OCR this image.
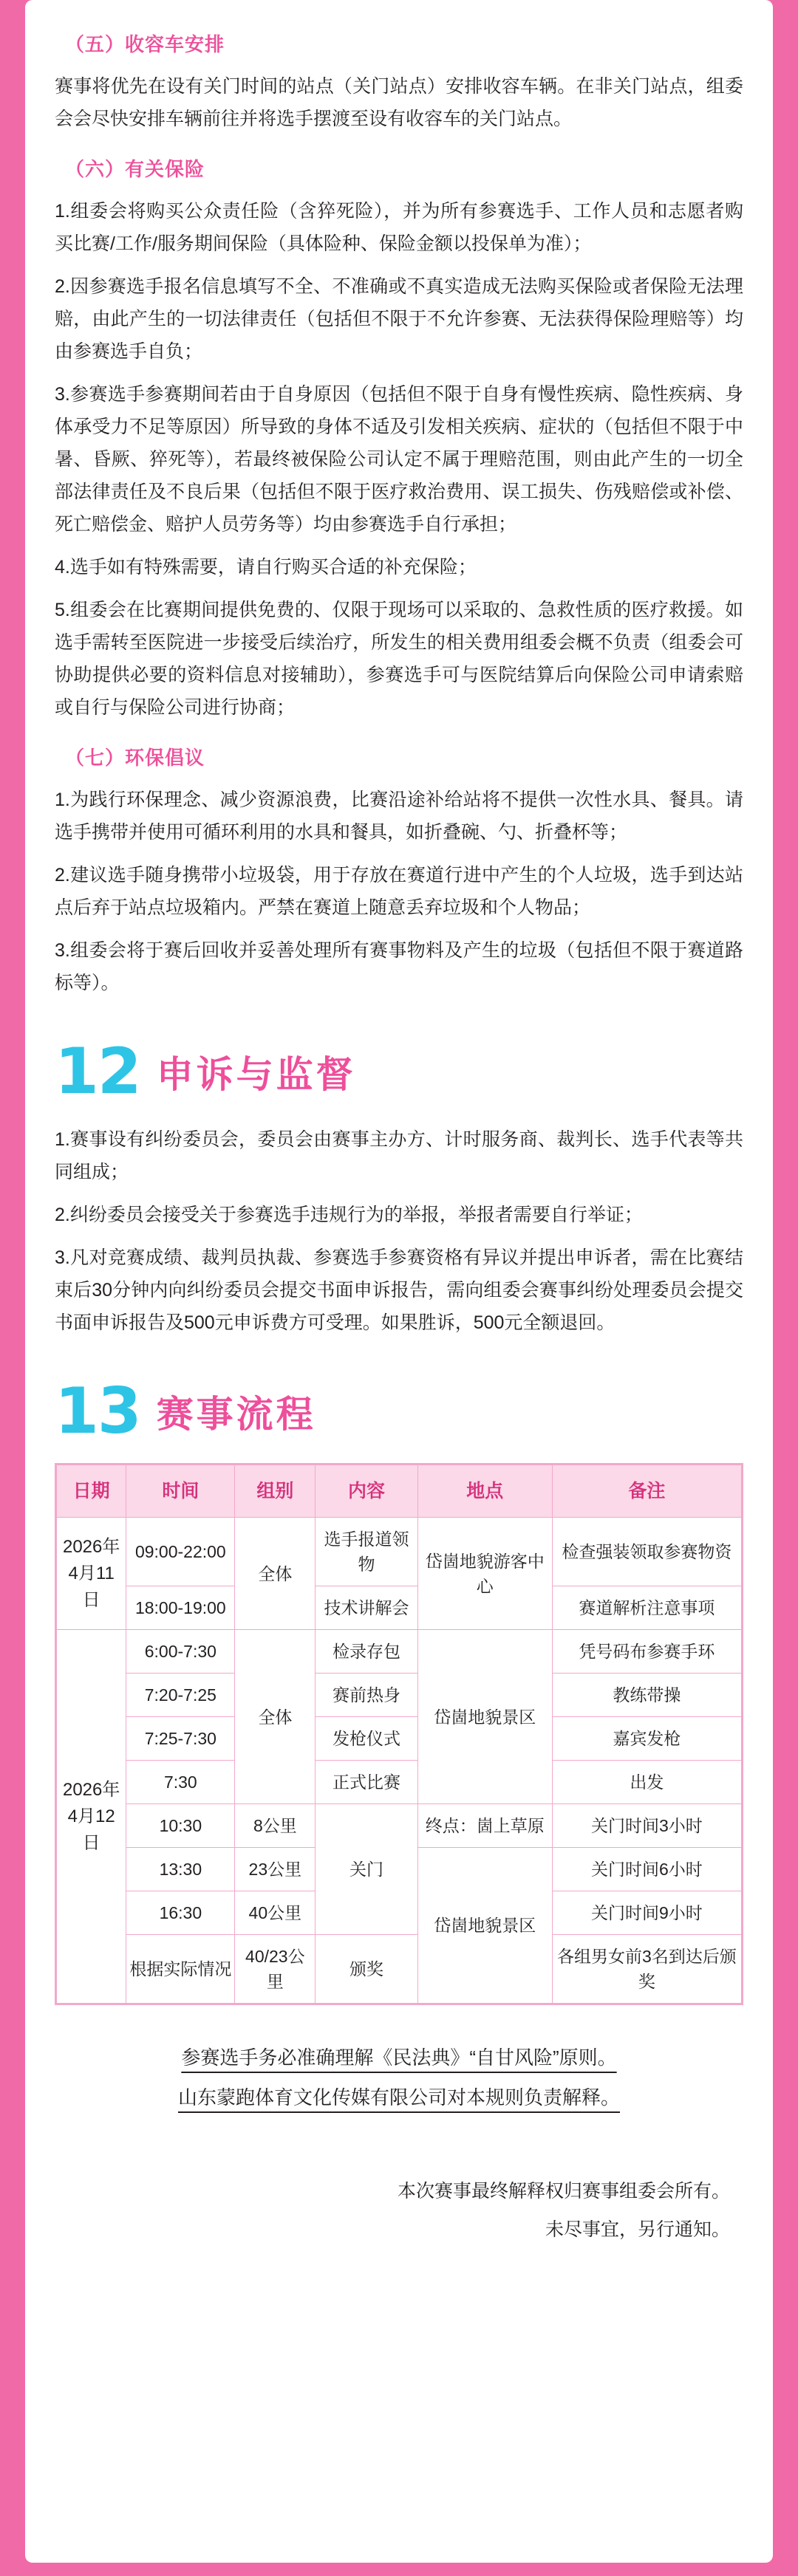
（五）收容车安排

赛事将优先在设有关门时间的站点（关门站点）安排收容车辆。在非关门站点，组委会会尽快安排车辆前往并将选手摆渡至设有收容车的关门站点。

（六）有关保险

1.组委会将购买公众责任险（含猝死险），并为所有参赛选手、工作人员和志愿者购买比赛/工作/服务期间保险（具体险种、保险金额以投保单为准）；

2.因参赛选手报名信息填写不全、不准确或不真实造成无法购买保险或者保险无法理赔，由此产生的一切法律责任（包括但不限于不允许参赛、无法获得保险理赔等）均由参赛选手自负；

3.参赛选手参赛期间若由于自身原因（包括但不限于自身有慢性疾病、隐性疾病、身体承受力不足等原因）所导致的身体不适及引发相关疾病、症状的（包括但不限于中暑、昏厥、猝死等），若最终被保险公司认定不属于理赔范围，则由此产生的一切全部法律责任及不良后果（包括但不限于医疗救治费用、误工损失、伤残赔偿或补偿、死亡赔偿金、赔护人员劳务等）均由参赛选手自行承担；

4.选手如有特殊需要，请自行购买合适的补充保险；

5.组委会在比赛期间提供免费的、仅限于现场可以采取的、急救性质的医疗救援。如选手需转至医院进一步接受后续治疗，所发生的相关费用组委会概不负责（组委会可协助提供必要的资料信息对接辅助），参赛选手可与医院结算后向保险公司申请索赔或自行与保险公司进行协商；

（七）环保倡议

1.为践行环保理念、减少资源浪费，比赛沿途补给站将不提供一次性水具、餐具。请选手携带并使用可循环利用的水具和餐具，如折叠碗、勺、折叠杯等；

2.建议选手随身携带小垃圾袋，用于存放在赛道行进中产生的个人垃圾，选手到达站点后弃于站点垃圾箱内。严禁在赛道上随意丢弃垃圾和个人物品；

3.组委会将于赛后回收并妥善处理所有赛事物料及产生的垃圾（包括但不限于赛道路标等）。

12 申诉与监督

1.赛事设有纠纷委员会，委员会由赛事主办方、计时服务商、裁判长、选手代表等共同组成；

2.纠纷委员会接受关于参赛选手违规行为的举报，举报者需要自行举证；

3.凡对竞赛成绩、裁判员执裁、参赛选手参赛资格有异议并提出申诉者，需在比赛结束后30分钟内向纠纷委员会提交书面申诉报告，需向组委会赛事纠纷处理委员会提交书面申诉报告及500元申诉费方可受理。如果胜诉，500元全额退回。

13 赛事流程
日期	时间	组别	内容	地点	备注
2026年
4月11日	09:00-22:00	全体	选手报道领物	岱崮地貌游客中心	检查强装领取参赛物资
	18:00-19:00		技术讲解会		赛道解析注意事项
2026年
4月12日	6:00-7:30	全体	检录存包	岱崮地貌景区	凭号码布参赛手环
	7:20-7:25		赛前热身		教练带操
	7:25-7:30		发枪仪式		嘉宾发枪
	7:30		正式比赛		出发
	10:30	8公里	关门	终点：崮上草原	关门时间3小时
	13:30	23公里		岱崮地貌景区	关门时间6小时
	16:30	40公里			关门时间9小时
	根据实际情况	40/23公里	颁奖		各组男女前3名到达后颁奖
参赛选手务必准确理解《民法典》“自甘风险”原则。
山东蒙跑体育文化传媒有限公司对本规则负责解释。
本次赛事最终解释权归赛事组委会所有。
未尽事宜，另行通知。
